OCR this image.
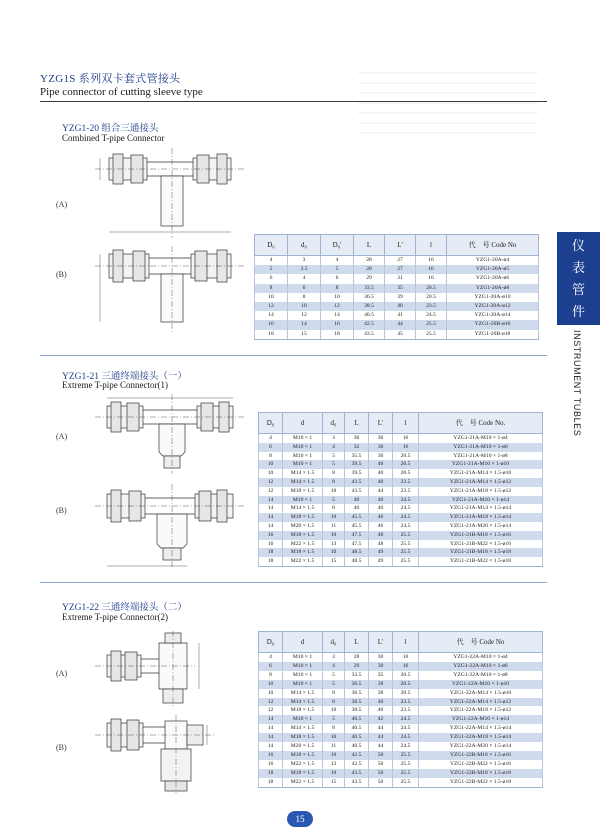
YZG1S 系列双卡套式管接头
Pipe connector of cutting sleeve type
YZG1-20 组合三通接头
Combined T-pipe Connector
(A)
(B)
D₀	d₀	D₀'	L	L'	l	代　号 Code No
4	3	4	28	27	16	YZG1-20A-ø4
5	3.5	5	28	27	16	YZG1-20A-ø5
6	4	6	29	31	16	YZG1-20A-ø6
8	6	8	33.5	35	20.5	YZG1-20A-ø8
10	8	10	36.5	39	20.5	YZG1-20A-ø10
12	10	12	38.5	40	23.5	YZG1-20A-ø12
14	12	14	40.5	41	24.5	YZG1-20A-ø14
16	14	16	42.5	44	25.5	YZG1-20B-ø16
18	15	18	43.5	45	25.5	YZG1-20B-ø18
YZG1-21 三通终端接头（一）
Extreme T-pipe Connector(1)
(A)
(B)
D₀	d	d₀	L	L'	l	代　号 Code No.
4	M10 × 1	3	30	30	16	YZG1-21A-M10 × 1-ø4
6	M10 × 1	4	32	30	16	YZG1-21A-M10 × 1-ø6
8	M10 × 1	5	35.5	30	20.5	YZG1-21A-M10 × 1-ø8
10	M10 × 1	5	39.5	40	20.5	YZG1-21A-M10 × 1-ø10
10	M14 × 1.5	8	39.5	40	20.5	YZG1-21A-M14 × 1.5-ø10
12	M14 × 1.5	8	43.5	40	23.5	YZG1-21A-M14 × 1.5-ø12
12	M18 × 1.5	10	43.5	44	23.5	YZG1-21A-M18 × 1.5-ø12
14	M10 × 1	5	40	40	24.5	YZG1-21A-M10 × 1-ø14
14	M14 × 1.5	8	40	40	24.5	YZG1-21A-M14 × 1.5-ø14
14	M18 × 1.5	10	45.5	46	24.5	YZG1-21A-M18 × 1.5-ø14
14	M20 × 1.5	11	45.5	46	24.5	YZG1-21A-M20 × 1.5-ø14
16	M18 × 1.5	10	47.5	48	25.5	YZG1-21B-M18 × 1.5-ø16
16	M22 × 1.5	13	47.5	48	25.5	YZG1-21B-M22 × 1.5-ø16
18	M18 × 1.5	10	48.5	49	25.5	YZG1-21B-M18 × 1.5-ø18
18	M22 × 1.5	15	48.5	49	25.5	YZG1-21B-M22 × 1.5-ø18
YZG1-22 三通终端接头（二）
Extreme T-pipe Connector(2)
(A)
(B)
D₀	d	d₀	L	L'	l	代　号 Code No
4	M10 × 1	3	28	30	16	YZG1-22A-M10 × 1-ø4
6	M10 × 1	4	29	30	16	YZG1-22A-M10 × 1-ø6
8	M10 × 1	5	33.5	35	20.5	YZG1-22A-M10 × 1-ø8
10	M10 × 1	5	36.5	38	20.5	YZG1-22A-M10 × 1-ø10
10	M14 × 1.5	8	36.5	38	20.5	YZG1-22A-M14 × 1.5-ø10
12	M14 × 1.5	8	38.5	40	23.5	YZG1-22A-M14 × 1.5-ø12
12	M18 × 1.5	10	38.5	40	23.5	YZG1-22A-M18 × 1.5-ø12
14	M10 × 1	5	40.5	42	24.5	YZG1-22A-M10 × 1-ø14
14	M14 × 1.5	8	40.5	44	24.5	YZG1-22A-M14 × 1.5-ø14
14	M18 × 1.5	10	40.5	44	24.5	YZG1-22A-M18 × 1.5-ø14
14	M20 × 1.5	11	40.5	44	24.5	YZG1-22A-M20 × 1.5-ø14
16	M18 × 1.5	10	42.5	50	25.5	YZG1-22B-M18 × 1.5-ø16
16	M22 × 1.5	13	42.5	50	25.5	YZG1-22B-M22 × 1.5-ø16
18	M18 × 1.5	10	43.5	50	25.5	YZG1-22B-M18 × 1.5-ø18
18	M22 × 1.5	15	43.5	50	25.5	YZG1-22B-M22 × 1.5-ø18
仪
表
管
件
INSTRUMENT TUBLES
15
